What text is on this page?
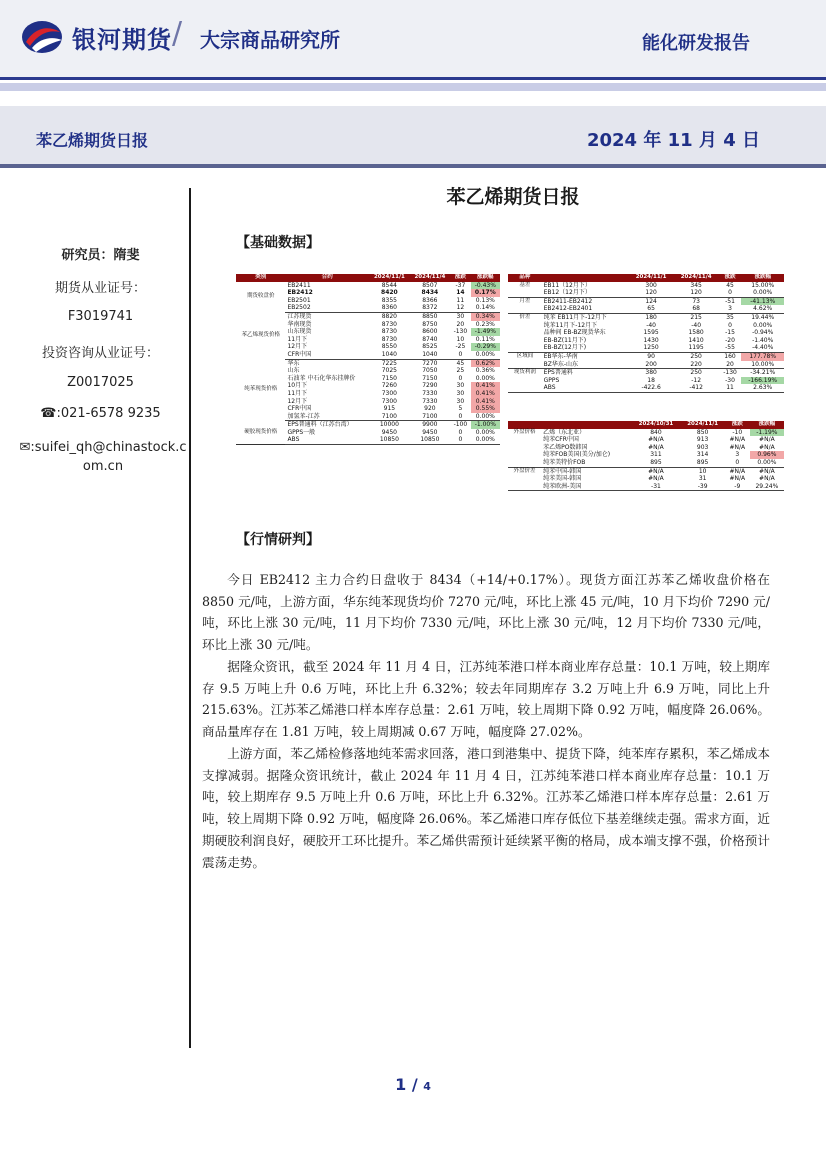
银河期货 / 大宗商品研究所	能化研发报告
苯乙烯期货日报	2024 年 11 月 4 日
研究员：隋斐
期货从业证号：
F3019741
投资咨询从业证号：
Z0017025
☎:021-6578 9235
✉:suifei_qh@chinastock.com.cn
苯乙烯期货日报
【基础数据】
类别	合约	2024/11/1	2024/11/4	涨跌	涨跌幅
期货收盘价	EB2411	8544	8507	-37	-0.43%
	EB2412	8420	8434	14	0.17%
	EB2501	8355	8366	11	0.13%
	EB2502	8360	8372	12	0.14%
苯乙烯现货价格	江苏现货	8820	8850	30	0.34%
	华南现货	8730	8750	20	0.23%
	山东现货	8730	8600	-130	-1.49%
	11月下	8730	8740	10	0.11%
	12月下	8550	8525	-25	-0.29%
	CFR中国	1040	1040	0	0.00%
纯苯现货价格	华东	7225	7270	45	0.62%
	山东	7025	7050	25	0.36%
	石油苯 中石化华东挂牌价	7150	7150	0	0.00%
	10月下	7260	7290	30	0.41%
	11月下	7300	7330	30	0.41%
	12月下	7300	7330	30	0.41%
	CFR中国	915	920	5	0.55%
	加氢苯-江苏	7100	7100	0	0.00%
硬胶现货价格	EPS普通料（江苏台湾）	10000	9900	-100	-1.00%
	GPPS一般	9450	9450	0	0.00%
	ABS	10850	10850	0	0.00%
品种		2024/11/1	2024/11/4	涨跌	涨跌幅
基差	EB11（12月下）	300	345	45	15.00%
	EB12（12月下）	120	120	0	0.00%
月差	EB2411-EB2412	124	73	-51	-41.13%
	EB2412-EB2401	65	68	3	4.62%
价差	纯苯 EB11月下-12月下	180	215	35	19.44%
	纯苯11月下-12月下	-40	-40	0	0.00%
	品种间 EB-BZ现货华东	1595	1580	-15	-0.94%
	EB-BZ(11月下)	1430	1410	-20	-1.40%
	EB-BZ(12月下)	1250	1195	-55	-4.40%
区域间	EB华东-华南	90	250	160	177.78%
	BZ华东-山东	200	220	20	10.00%
现货利润	EPS普通料	380	250	-130	-34.21%
	GPPS	18	-12	-30	-166.19%
	ABS	-422.6	-412	11	2.63%
		2024/10/31	2024/11/1	涨跌	涨跌幅
外盘价格	乙烯（东北亚）	840	850	-10	-1.19%
	纯苯CFR中国	#N/A	913	#N/A	#N/A
	苯乙烯PO数韩国	#N/A	903	#N/A	#N/A
	纯苯FOB美国(美分/加仑)	311	314	3	0.96%
	纯苯美特价FOB	895	895	0	0.00%
外盘价差	纯苯中国-韩国	#N/A	10	#N/A	#N/A
	纯苯美国-韩国	#N/A	31	#N/A	#N/A
	纯苯欧洲-美国	-31	-39	-9	29.24%
【行情研判】
今日 EB2412 主力合约日盘收于 8434（+14/+0.17%）。现货方面江苏苯乙烯收盘价格在 8850 元/吨，上游方面，华东纯苯现货均价 7270 元/吨，环比上涨 45 元/吨，10 月下均价 7290 元/吨，环比上涨 30 元/吨，11 月下均价 7330 元/吨，环比上涨 30 元/吨，12 月下均价 7330 元/吨，环比上涨 30 元/吨。
据隆众资讯，截至 2024 年 11 月 4 日，江苏纯苯港口样本商业库存总量：10.1 万吨，较上期库存 9.5 万吨上升 0.6 万吨，环比上升 6.32%；较去年同期库存 3.2 万吨上升 6.9 万吨，同比上升 215.63%。江苏苯乙烯港口样本库存总量：2.61 万吨，较上周期下降 0.92 万吨，幅度降 26.06%。商品量库存在 1.81 万吨，较上周期减 0.67 万吨，幅度降 27.02%。
上游方面，苯乙烯检修落地纯苯需求回落，港口到港集中、提货下降，纯苯库存累积，苯乙烯成本支撑减弱。据隆众资讯统计，截止 2024 年 11 月 4 日，江苏纯苯港口样本商业库存总量：10.1 万吨，较上期库存 9.5 万吨上升 0.6 万吨，环比上升 6.32%。江苏苯乙烯港口样本库存总量：2.61 万吨，较上周期下降 0.92 万吨，幅度降 26.06%。苯乙烯港口库存低位下基差继续走强。需求方面，近期硬胶利润良好，硬胶开工环比提升。苯乙烯供需预计延续紧平衡的格局，成本端支撑不强，价格预计震荡走势。
1 / 4
